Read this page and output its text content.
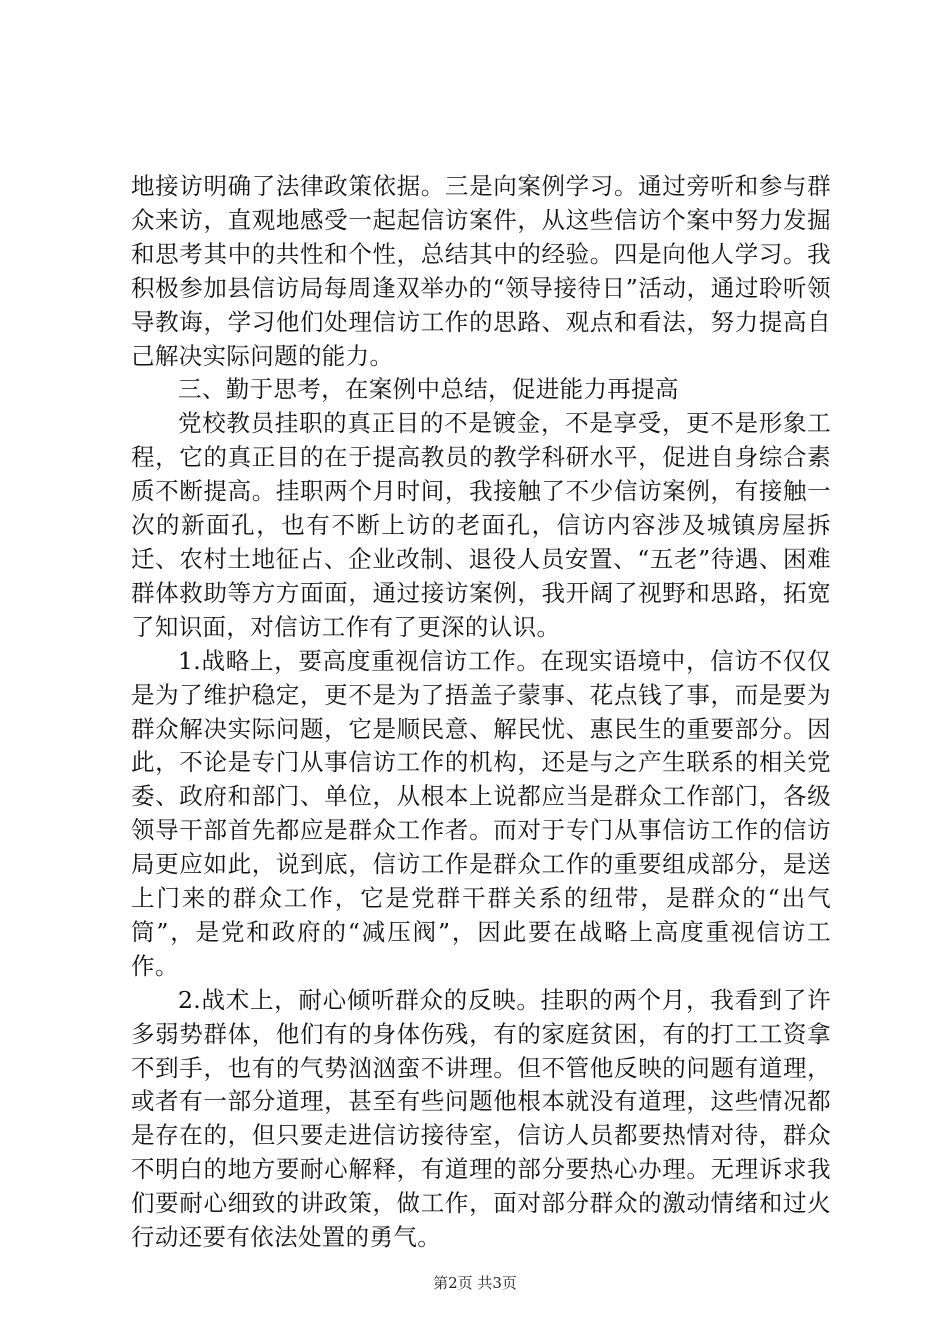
地接访明确了法律政策依据。三是向案例学习。通过旁听和参与群众来访，直观地感受一起起信访案件，从这些信访个案中努力发掘和思考其中的共性和个性，总结其中的经验。四是向他人学习。我积极参加县信访局每周逢双举办的“领导接待日”活动，通过聆听领导教诲，学习他们处理信访工作的思路、观点和看法，努力提高自己解决实际问题的能力。

三、勤于思考，在案例中总结，促进能力再提高

党校教员挂职的真正目的不是镀金，不是享受，更不是形象工程，它的真正目的在于提高教员的教学科研水平，促进自身综合素质不断提高。挂职两个月时间，我接触了不少信访案例，有接触一次的新面孔，也有不断上访的老面孔，信访内容涉及城镇房屋拆迁、农村土地征占、企业改制、退役人员安置、“五老”待遇、困难群体救助等方方面面，通过接访案例，我开阔了视野和思路，拓宽了知识面，对信访工作有了更深的认识。

1.战略上，要高度重视信访工作。在现实语境中，信访不仅仅是为了维护稳定，更不是为了捂盖子蒙事、花点钱了事，而是要为群众解决实际问题，它是顺民意、解民忧、惠民生的重要部分。因此，不论是专门从事信访工作的机构，还是与之产生联系的相关党委、政府和部门、单位，从根本上说都应当是群众工作部门，各级领导干部首先都应是群众工作者。而对于专门从事信访工作的信访局更应如此，说到底，信访工作是群众工作的重要组成部分，是送上门来的群众工作，它是党群干群关系的纽带，是群众的“出气筒”，是党和政府的“减压阀”，因此要在战略上高度重视信访工作。

2.战术上，耐心倾听群众的反映。挂职的两个月，我看到了许多弱势群体，他们有的身体伤残，有的家庭贫困，有的打工工资拿不到手，也有的气势汹汹蛮不讲理。但不管他反映的问题有道理，或者有一部分道理，甚至有些问题他根本就没有道理，这些情况都是存在的，但只要走进信访接待室，信访人员都要热情对待，群众不明白的地方要耐心解释，有道理的部分要热心办理。无理诉求我们要耐心细致的讲政策，做工作，面对部分群众的激动情绪和过火行动还要有依法处置的勇气。

第2页 共3页
